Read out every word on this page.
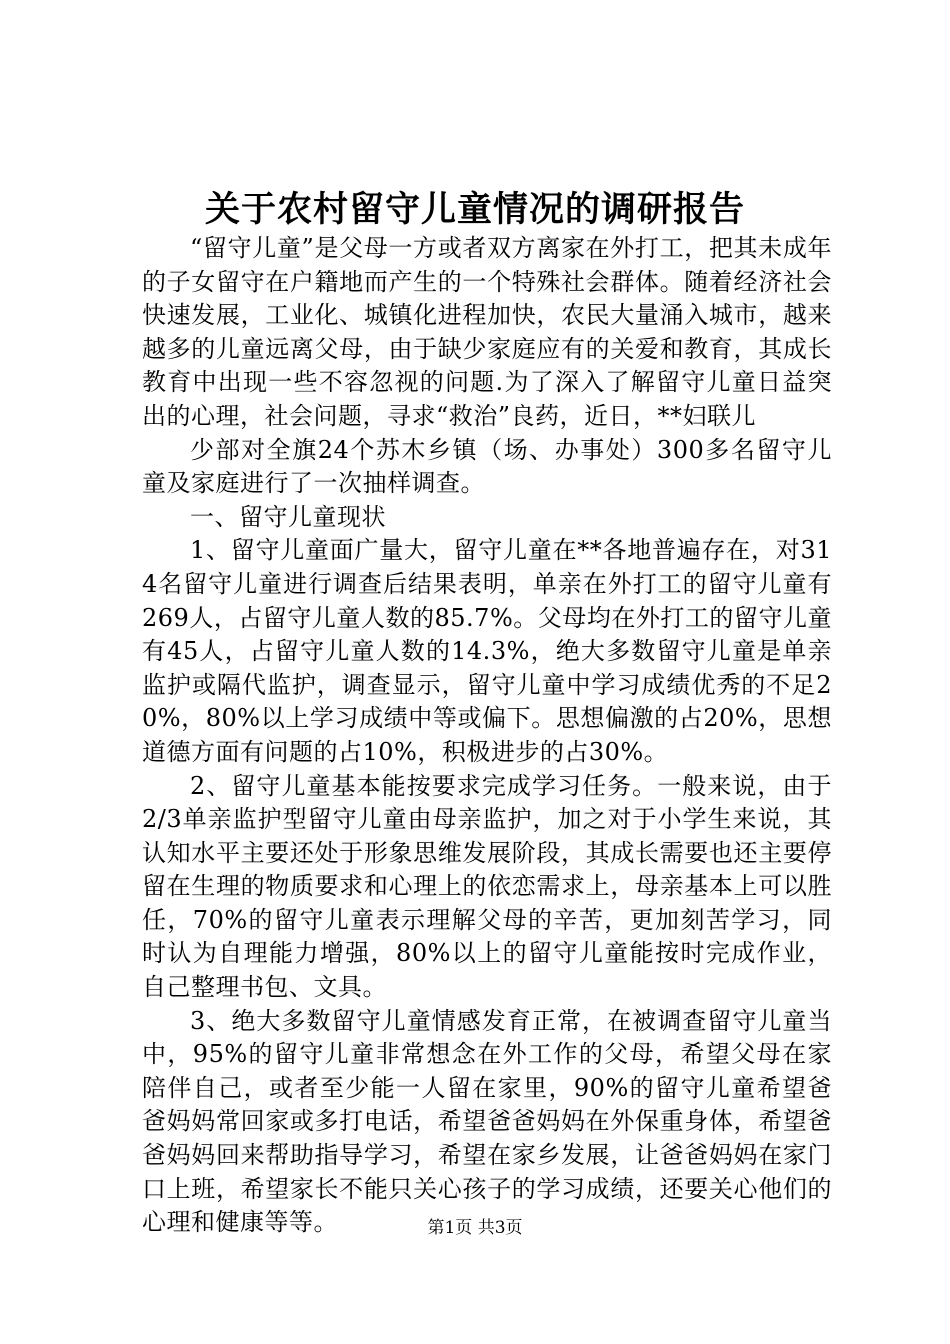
关于农村留守儿童情况的调研报告

“留守儿童”是父母一方或者双方离家在外打工，把其未成年的子女留守在户籍地而产生的一个特殊社会群体。随着经济社会快速发展，工业化、城镇化进程加快，农民大量涌入城市，越来越多的儿童远离父母，由于缺少家庭应有的关爱和教育，其成长教育中出现一些不容忽视的问题.为了深入了解留守儿童日益突出的心理，社会问题，寻求“救治”良药，近日，**妇联儿

少部对全旗24个苏木乡镇（场、办事处）300多名留守儿童及家庭进行了一次抽样调查。

一、留守儿童现状

1、留守儿童面广量大，留守儿童在**各地普遍存在，对314名留守儿童进行调查后结果表明，单亲在外打工的留守儿童有269人，占留守儿童人数的85.7%。父母均在外打工的留守儿童有45人，占留守儿童人数的14.3%，绝大多数留守儿童是单亲监护或隔代监护，调查显示，留守儿童中学习成绩优秀的不足20%，80%以上学习成绩中等或偏下。思想偏激的占20%，思想道德方面有问题的占10%，积极进步的占30%。

2、留守儿童基本能按要求完成学习任务。一般来说，由于2/3单亲监护型留守儿童由母亲监护，加之对于小学生来说，其认知水平主要还处于形象思维发展阶段，其成长需要也还主要停留在生理的物质要求和心理上的依恋需求上，母亲基本上可以胜任，70%的留守儿童表示理解父母的辛苦，更加刻苦学习，同时认为自理能力增强，80%以上的留守儿童能按时完成作业，自己整理书包、文具。

3、绝大多数留守儿童情感发育正常，在被调查留守儿童当中，95%的留守儿童非常想念在外工作的父母，希望父母在家陪伴自己，或者至少能一人留在家里，90%的留守儿童希望爸爸妈妈常回家或多打电话，希望爸爸妈妈在外保重身体，希望爸爸妈妈回来帮助指导学习，希望在家乡发展，让爸爸妈妈在家门口上班，希望家长不能只关心孩子的学习成绩，还要关心他们的心理和健康等等。	第1页 共3页
